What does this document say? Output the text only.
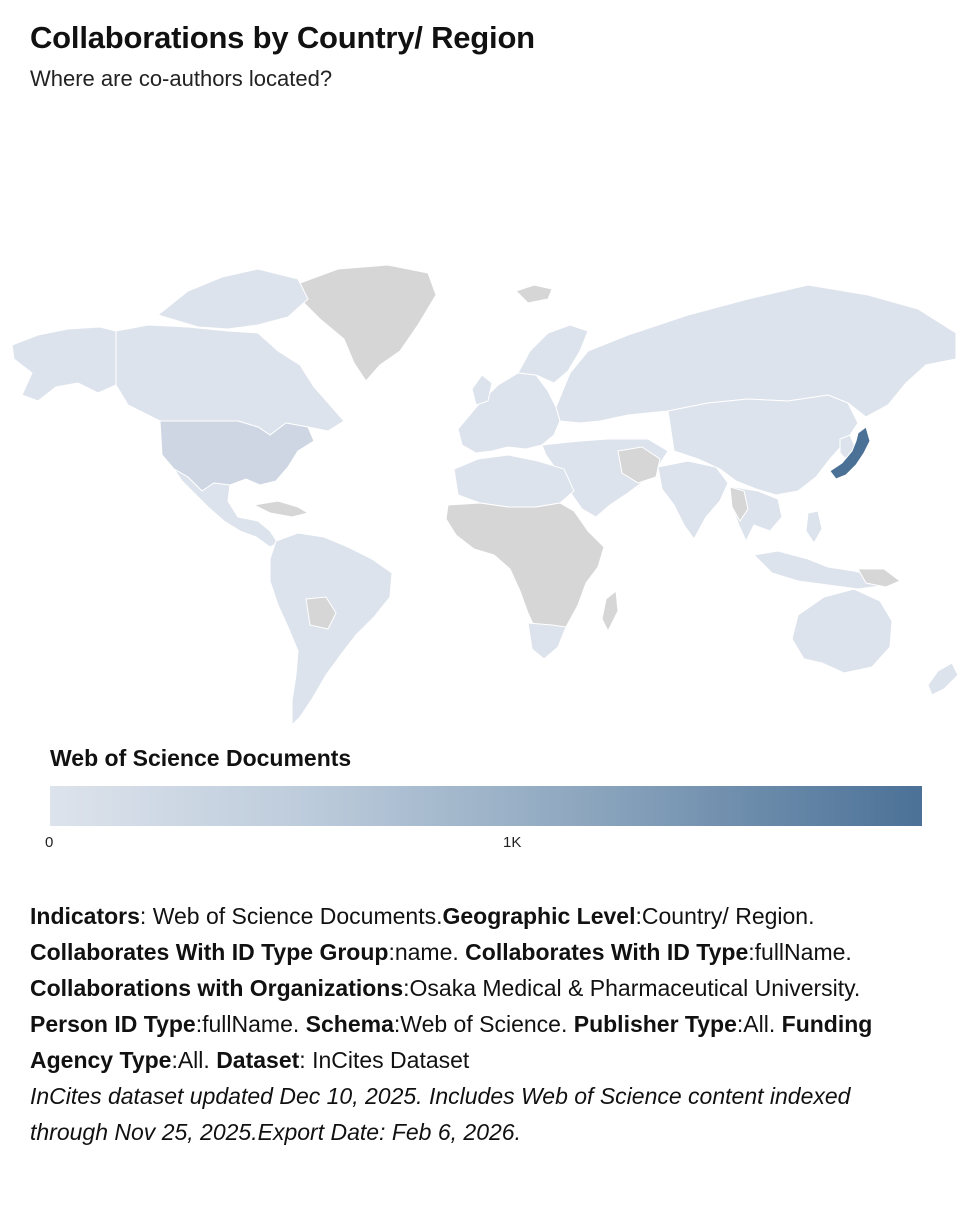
Collaborations by Country/ Region
Where are co-authors located?
Web of Science Documents
0	1K
Indicators: Web of Science Documents.Geographic Level:Country/ Region. Collaborates With ID Type Group:name. Collaborates With ID Type:fullName. Collaborations with Organizations:Osaka Medical & Pharmaceutical University. Person ID Type:fullName. Schema:Web of Science. Publisher Type:All. Funding Agency Type:All. Dataset: InCites Dataset
InCites dataset updated Dec 10, 2025. Includes Web of Science content indexed through Nov 25, 2025.Export Date: Feb 6, 2026.
